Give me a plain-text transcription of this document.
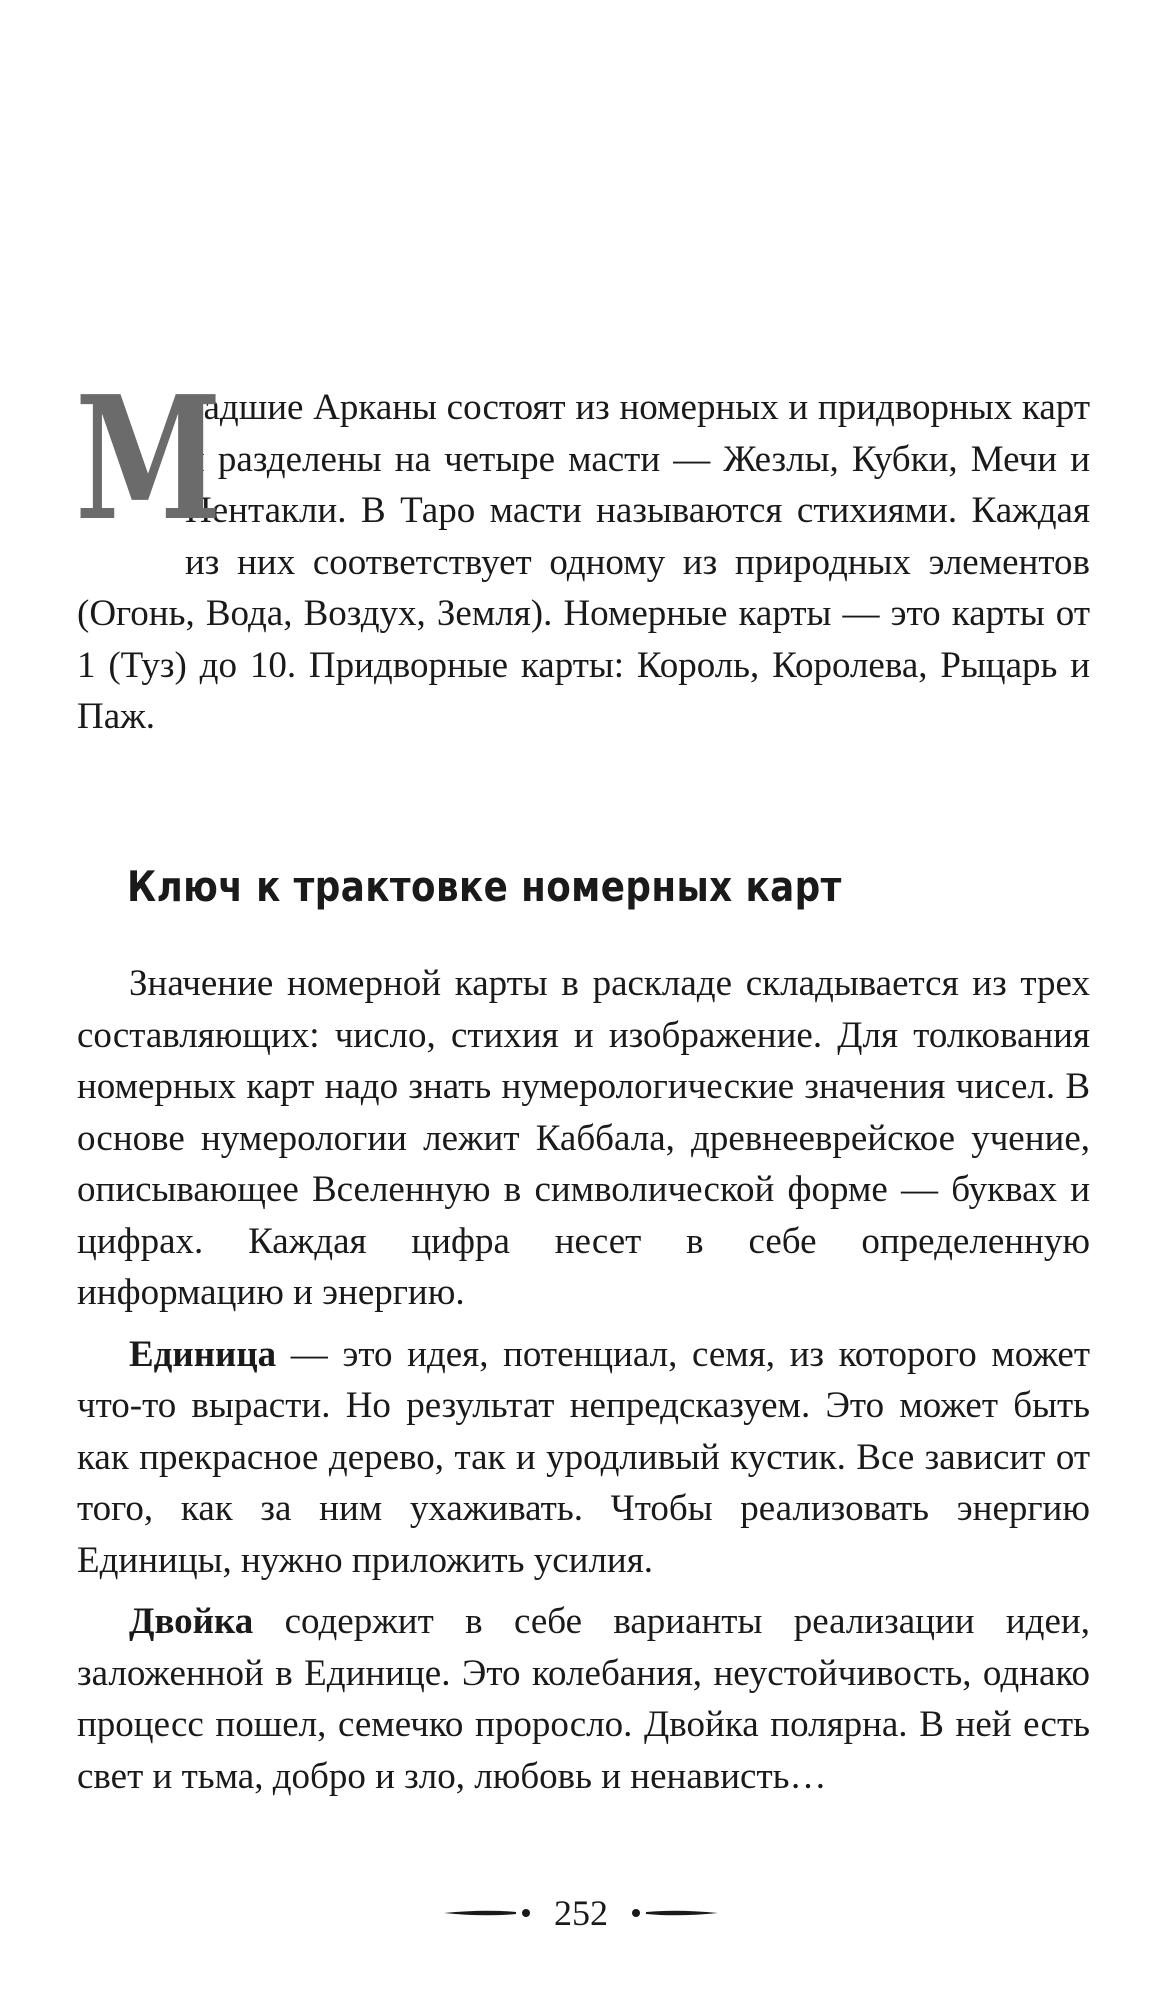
М
ладшие Арканы состоят из номерных и придворных карт и разделены на четыре масти — Жезлы, Кубки, Мечи и Пентакли. В Таро масти называются стихиями. Каждая из них соответствует одному из природных элементов (Огонь, Вода, Воздух, Земля). Номерные карты — это карты от 1 (Туз) до 10. Придворные карты: Король, Королева, Рыцарь и Паж.

Ключ к трактовке номерных карт

Значение номерной карты в раскладе складывается из трех составляющих: число, стихия и изображение. Для толкования номерных карт надо знать нумерологические значения чисел. В основе нумерологии лежит Каббала, древнееврейское учение, описывающее Вселенную в символической форме — буквах и цифрах. Каждая цифра несет в себе определенную информацию и энергию.

Единица — это идея, потенциал, семя, из которого может что-то вырасти. Но результат непредсказуем. Это может быть как прекрасное дерево, так и уродливый кустик. Все зависит от того, как за ним ухаживать. Чтобы реализовать энергию Единицы, нужно приложить усилия.

Двойка содержит в себе варианты реализации идеи, заложенной в Единице. Это колебания, неустойчивость, однако процесс пошел, семечко проросло. Двойка полярна. В ней есть свет и тьма, добро и зло, любовь и ненависть…

252
